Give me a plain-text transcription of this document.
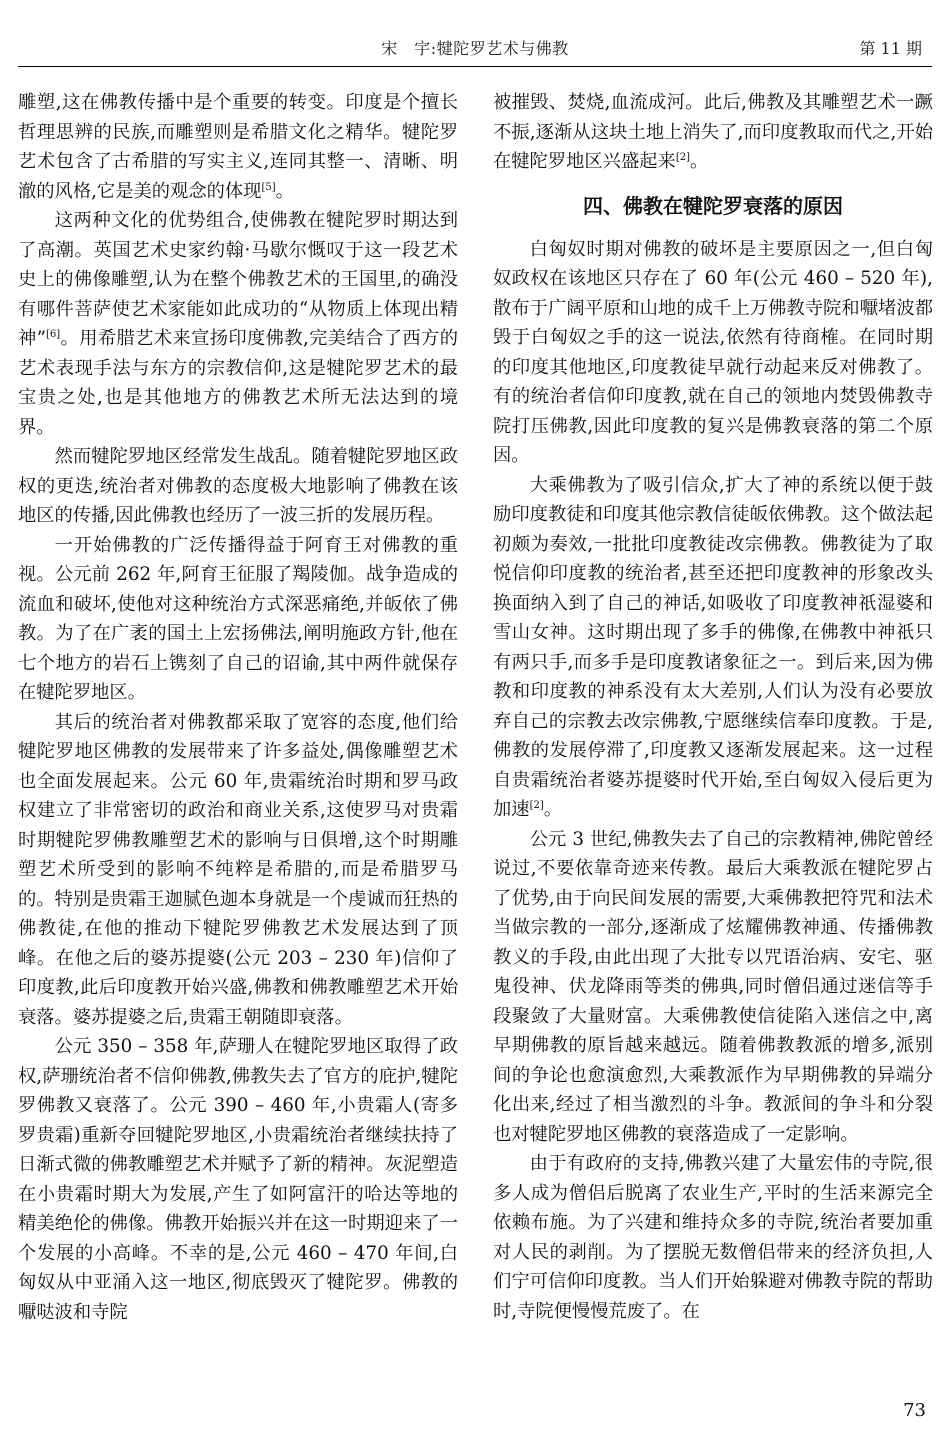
宋　宇:犍陀罗艺术与佛教	第 11 期

雕塑,这在佛教传播中是个重要的转变。印度是个擅长哲理思辨的民族,而雕塑则是希腊文化之精华。犍陀罗艺术包含了古希腊的写实主义,连同其整一、清晰、明澈的风格,它是美的观念的体现[5]。

这两种文化的优势组合,使佛教在犍陀罗时期达到了高潮。英国艺术史家约翰·马歇尔慨叹于这一段艺术史上的佛像雕塑,认为在整个佛教艺术的王国里,的确没有哪件菩萨使艺术家能如此成功的“从物质上体现出精神”[6]。用希腊艺术来宣扬印度佛教,完美结合了西方的艺术表现手法与东方的宗教信仰,这是犍陀罗艺术的最宝贵之处,也是其他地方的佛教艺术所无法达到的境界。

然而犍陀罗地区经常发生战乱。随着犍陀罗地区政权的更迭,统治者对佛教的态度极大地影响了佛教在该地区的传播,因此佛教也经历了一波三折的发展历程。

一开始佛教的广泛传播得益于阿育王对佛教的重视。公元前 262 年,阿育王征服了羯陵伽。战争造成的流血和破坏,使他对这种统治方式深恶痛绝,并皈依了佛教。为了在广袤的国土上宏扬佛法,阐明施政方针,他在七个地方的岩石上镌刻了自己的诏谕,其中两件就保存在犍陀罗地区。

其后的统治者对佛教都采取了宽容的态度,他们给犍陀罗地区佛教的发展带来了许多益处,偶像雕塑艺术也全面发展起来。公元 60 年,贵霜统治时期和罗马政权建立了非常密切的政治和商业关系,这使罗马对贵霜时期犍陀罗佛教雕塑艺术的影响与日俱增,这个时期雕塑艺术所受到的影响不纯粹是希腊的,而是希腊罗马的。特别是贵霜王迦腻色迦本身就是一个虔诚而狂热的佛教徒,在他的推动下犍陀罗佛教艺术发展达到了顶峰。在他之后的婆苏提婆(公元 203 – 230 年)信仰了印度教,此后印度教开始兴盛,佛教和佛教雕塑艺术开始衰落。婆苏提婆之后,贵霜王朝随即衰落。

公元 350 – 358 年,萨珊人在犍陀罗地区取得了政权,萨珊统治者不信仰佛教,佛教失去了官方的庇护,犍陀罗佛教又衰落了。公元 390 – 460 年,小贵霜人(寄多罗贵霜)重新夺回犍陀罗地区,小贵霜统治者继续扶持了日渐式微的佛教雕塑艺术并赋予了新的精神。灰泥塑造在小贵霜时期大为发展,产生了如阿富汗的哈达等地的精美绝伦的佛像。佛教开始振兴并在这一时期迎来了一个发展的小高峰。不幸的是,公元 460 – 470 年间,白匈奴从中亚涌入这一地区,彻底毁灭了犍陀罗。佛教的嚈哒波和寺院

被摧毁、焚烧,血流成河。此后,佛教及其雕塑艺术一蹶不振,逐渐从这块土地上消失了,而印度教取而代之,开始在犍陀罗地区兴盛起来[2]。

四、佛教在犍陀罗衰落的原因

白匈奴时期对佛教的破坏是主要原因之一,但白匈奴政权在该地区只存在了 60 年(公元 460 – 520 年),散布于广阔平原和山地的成千上万佛教寺院和嚈堵波都毁于白匈奴之手的这一说法,依然有待商榷。在同时期的印度其他地区,印度教徒早就行动起来反对佛教了。有的统治者信仰印度教,就在自己的领地内焚毁佛教寺院打压佛教,因此印度教的复兴是佛教衰落的第二个原因。

大乘佛教为了吸引信众,扩大了神的系统以便于鼓励印度教徒和印度其他宗教信徒皈依佛教。这个做法起初颇为奏效,一批批印度教徒改宗佛教。佛教徒为了取悦信仰印度教的统治者,甚至还把印度教神的形象改头换面纳入到了自己的神话,如吸收了印度教神祇湿婆和雪山女神。这时期出现了多手的佛像,在佛教中神祇只有两只手,而多手是印度教诸象征之一。到后来,因为佛教和印度教的神系没有太大差别,人们认为没有必要放弃自己的宗教去改宗佛教,宁愿继续信奉印度教。于是,佛教的发展停滞了,印度教又逐渐发展起来。这一过程自贵霜统治者婆苏提婆时代开始,至白匈奴入侵后更为加速[2]。

公元 3 世纪,佛教失去了自己的宗教精神,佛陀曾经说过,不要依靠奇迹来传教。最后大乘教派在犍陀罗占了优势,由于向民间发展的需要,大乘佛教把符咒和法术当做宗教的一部分,逐渐成了炫耀佛教神通、传播佛教教义的手段,由此出现了大批专以咒语治病、安宅、驱鬼役神、伏龙降雨等类的佛典,同时僧侣通过迷信等手段聚敛了大量财富。大乘佛教使信徒陷入迷信之中,离早期佛教的原旨越来越远。随着佛教教派的增多,派别间的争论也愈演愈烈,大乘教派作为早期佛教的异端分化出来,经过了相当激烈的斗争。教派间的争斗和分裂也对犍陀罗地区佛教的衰落造成了一定影响。

由于有政府的支持,佛教兴建了大量宏伟的寺院,很多人成为僧侣后脱离了农业生产,平时的生活来源完全依赖布施。为了兴建和维持众多的寺院,统治者要加重对人民的剥削。为了摆脱无数僧侣带来的经济负担,人们宁可信仰印度教。当人们开始躲避对佛教寺院的帮助时,寺院便慢慢荒废了。在

73
